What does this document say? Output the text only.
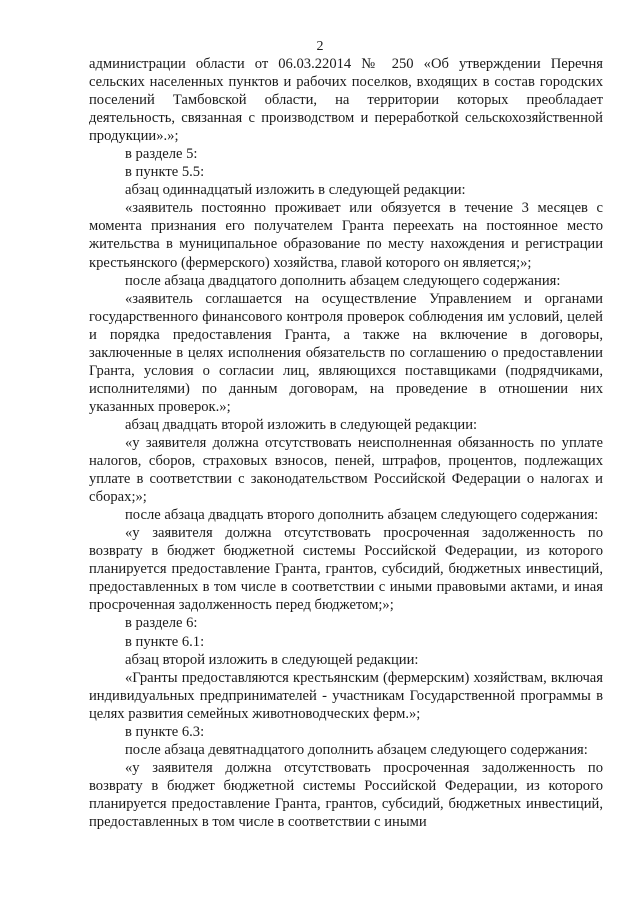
2

администрации области от 06.03.22014 № 250 «Об утверждении Перечня сельских населенных пунктов и рабочих поселков, входящих в состав городских поселений Тамбовской области, на территории которых преобладает деятельность, связанная с производством и переработкой сельскохозяйственной продукции».»;

в разделе 5:

в пункте 5.5:

абзац одиннадцатый изложить в следующей редакции:

«заявитель постоянно проживает или обязуется в течение 3 месяцев с момента признания его получателем Гранта переехать на постоянное место жительства в муниципальное образование по месту нахождения и регистрации крестьянского (фермерского) хозяйства, главой которого он является;»;

после абзаца двадцатого дополнить абзацем следующего содержания:

«заявитель соглашается на осуществление Управлением и органами государственного финансового контроля проверок соблюдения им условий, целей и порядка предоставления Гранта, а также на включение в договоры, заключенные в целях исполнения обязательств по соглашению о предоставлении Гранта, условия о согласии лиц, являющихся поставщиками (подрядчиками, исполнителями) по данным договорам, на проведение в отношении них указанных проверок.»;

абзац двадцать второй изложить в следующей редакции:

«у заявителя должна отсутствовать неисполненная обязанность по уплате налогов, сборов, страховых взносов, пеней, штрафов, процентов, подлежащих уплате в соответствии с законодательством Российской Федерации о налогах и сборах;»;

после абзаца двадцать второго дополнить абзацем следующего содержания:

«у заявителя должна отсутствовать просроченная задолженность по возврату в бюджет бюджетной системы Российской Федерации, из которого планируется предоставление Гранта, грантов, субсидий, бюджетных инвестиций, предоставленных в том числе в соответствии с иными правовыми актами, и иная просроченная задолженность перед бюджетом;»;

в разделе 6:

в пункте 6.1:

абзац второй изложить в следующей редакции:

«Гранты предоставляются крестьянским (фермерским) хозяйствам, включая индивидуальных предпринимателей - участникам Государственной программы в целях развития семейных животноводческих ферм.»;

в пункте 6.3:

после абзаца девятнадцатого дополнить абзацем следующего содержания:

«у заявителя должна отсутствовать просроченная задолженность по возврату в бюджет бюджетной системы Российской Федерации, из которого планируется предоставление Гранта, грантов, субсидий, бюджетных инвестиций, предоставленных в том числе в соответствии с иными
